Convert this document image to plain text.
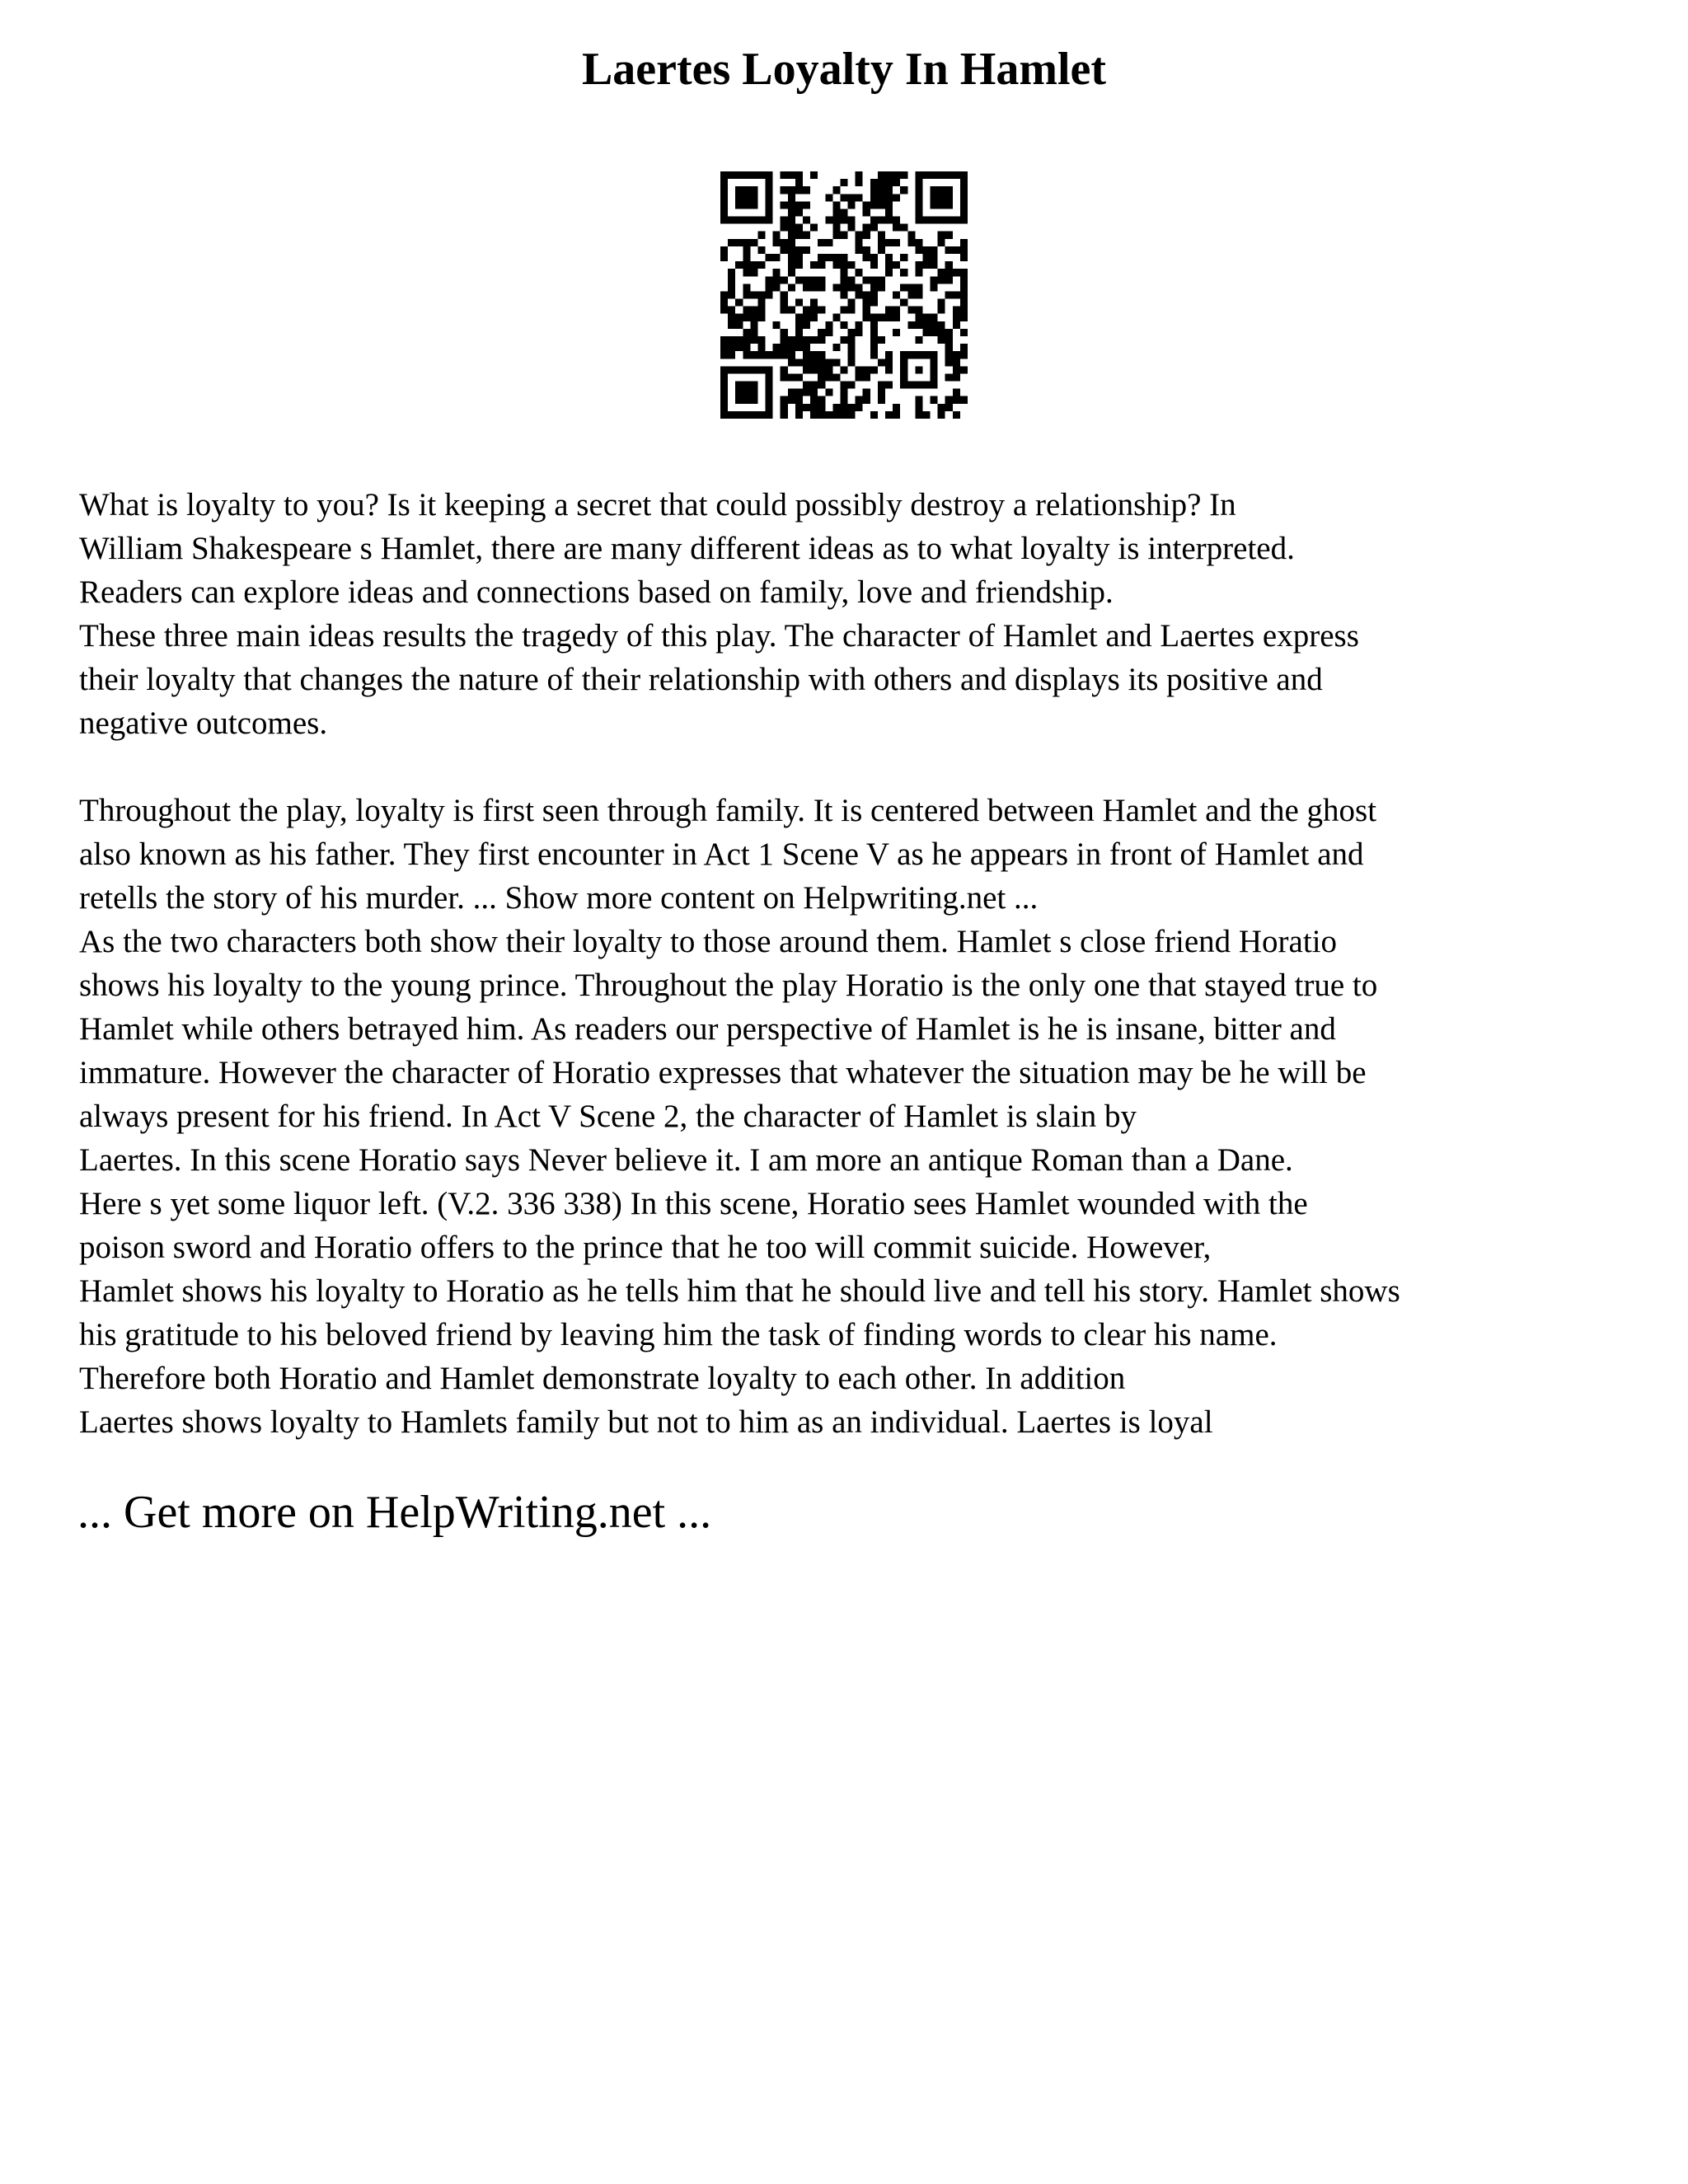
Laertes Loyalty In Hamlet
What is loyalty to you? Is it keeping a secret that could possibly destroy a relationship? In
William Shakespeare s Hamlet, there are many different ideas as to what loyalty is interpreted.
Readers can explore ideas and connections based on family, love and friendship.
These three main ideas results the tragedy of this play. The character of Hamlet and Laertes express
their loyalty that changes the nature of their relationship with others and displays its positive and
negative outcomes.
Throughout the play, loyalty is first seen through family. It is centered between Hamlet and the ghost
also known as his father. They first encounter in Act 1 Scene V as he appears in front of Hamlet and
retells the story of his murder. ... Show more content on Helpwriting.net ...
As the two characters both show their loyalty to those around them. Hamlet s close friend Horatio
shows his loyalty to the young prince. Throughout the play Horatio is the only one that stayed true to
Hamlet while others betrayed him. As readers our perspective of Hamlet is he is insane, bitter and
immature. However the character of Horatio expresses that whatever the situation may be he will be
always present for his friend. In Act V Scene 2, the character of Hamlet is slain by
Laertes. In this scene Horatio says Never believe it. I am more an antique Roman than a Dane.
Here s yet some liquor left. (V.2. 336 338) In this scene, Horatio sees Hamlet wounded with the
poison sword and Horatio offers to the prince that he too will commit suicide. However,
Hamlet shows his loyalty to Horatio as he tells him that he should live and tell his story. Hamlet shows
his gratitude to his beloved friend by leaving him the task of finding words to clear his name.
Therefore both Horatio and Hamlet demonstrate loyalty to each other. In addition
Laertes shows loyalty to Hamlets family but not to him as an individual. Laertes is loyal
... Get more on HelpWriting.net ...
